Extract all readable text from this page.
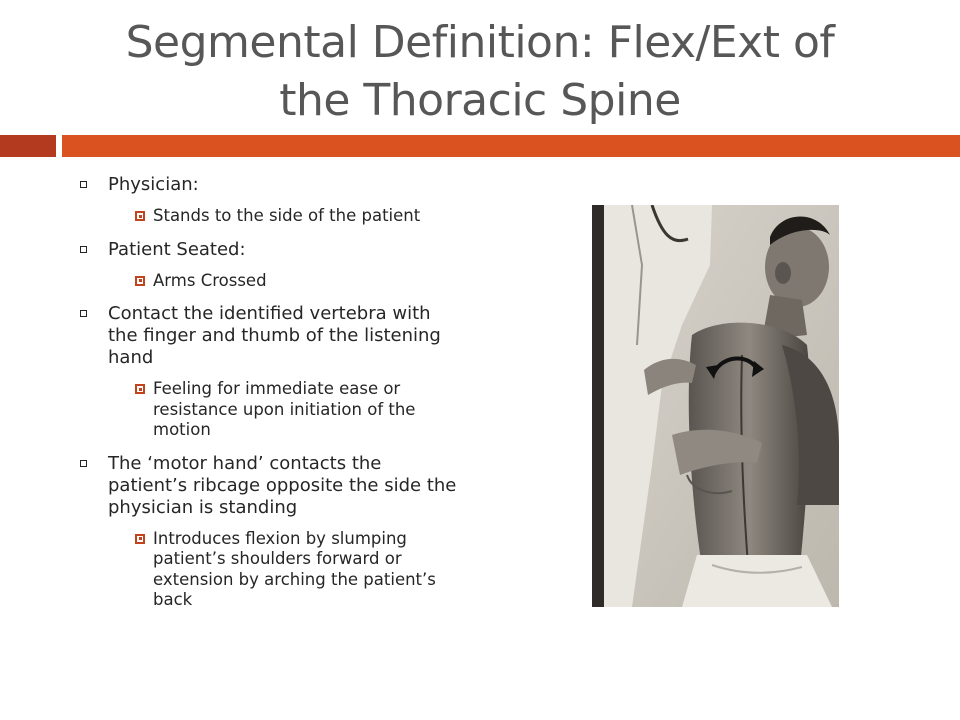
Segmental Definition: Flex/Ext of
the Thoracic Spine
Physician:
Stands to the side of the patient
Patient Seated:
Arms Crossed
Contact the identified vertebra with the finger and thumb of the listening hand
Feeling for immediate ease or resistance upon initiation of the motion
The ‘motor hand’ contacts the patient’s ribcage opposite the side the physician is standing
Introduces flexion by slumping patient’s shoulders forward or extension by arching the patient’s back
